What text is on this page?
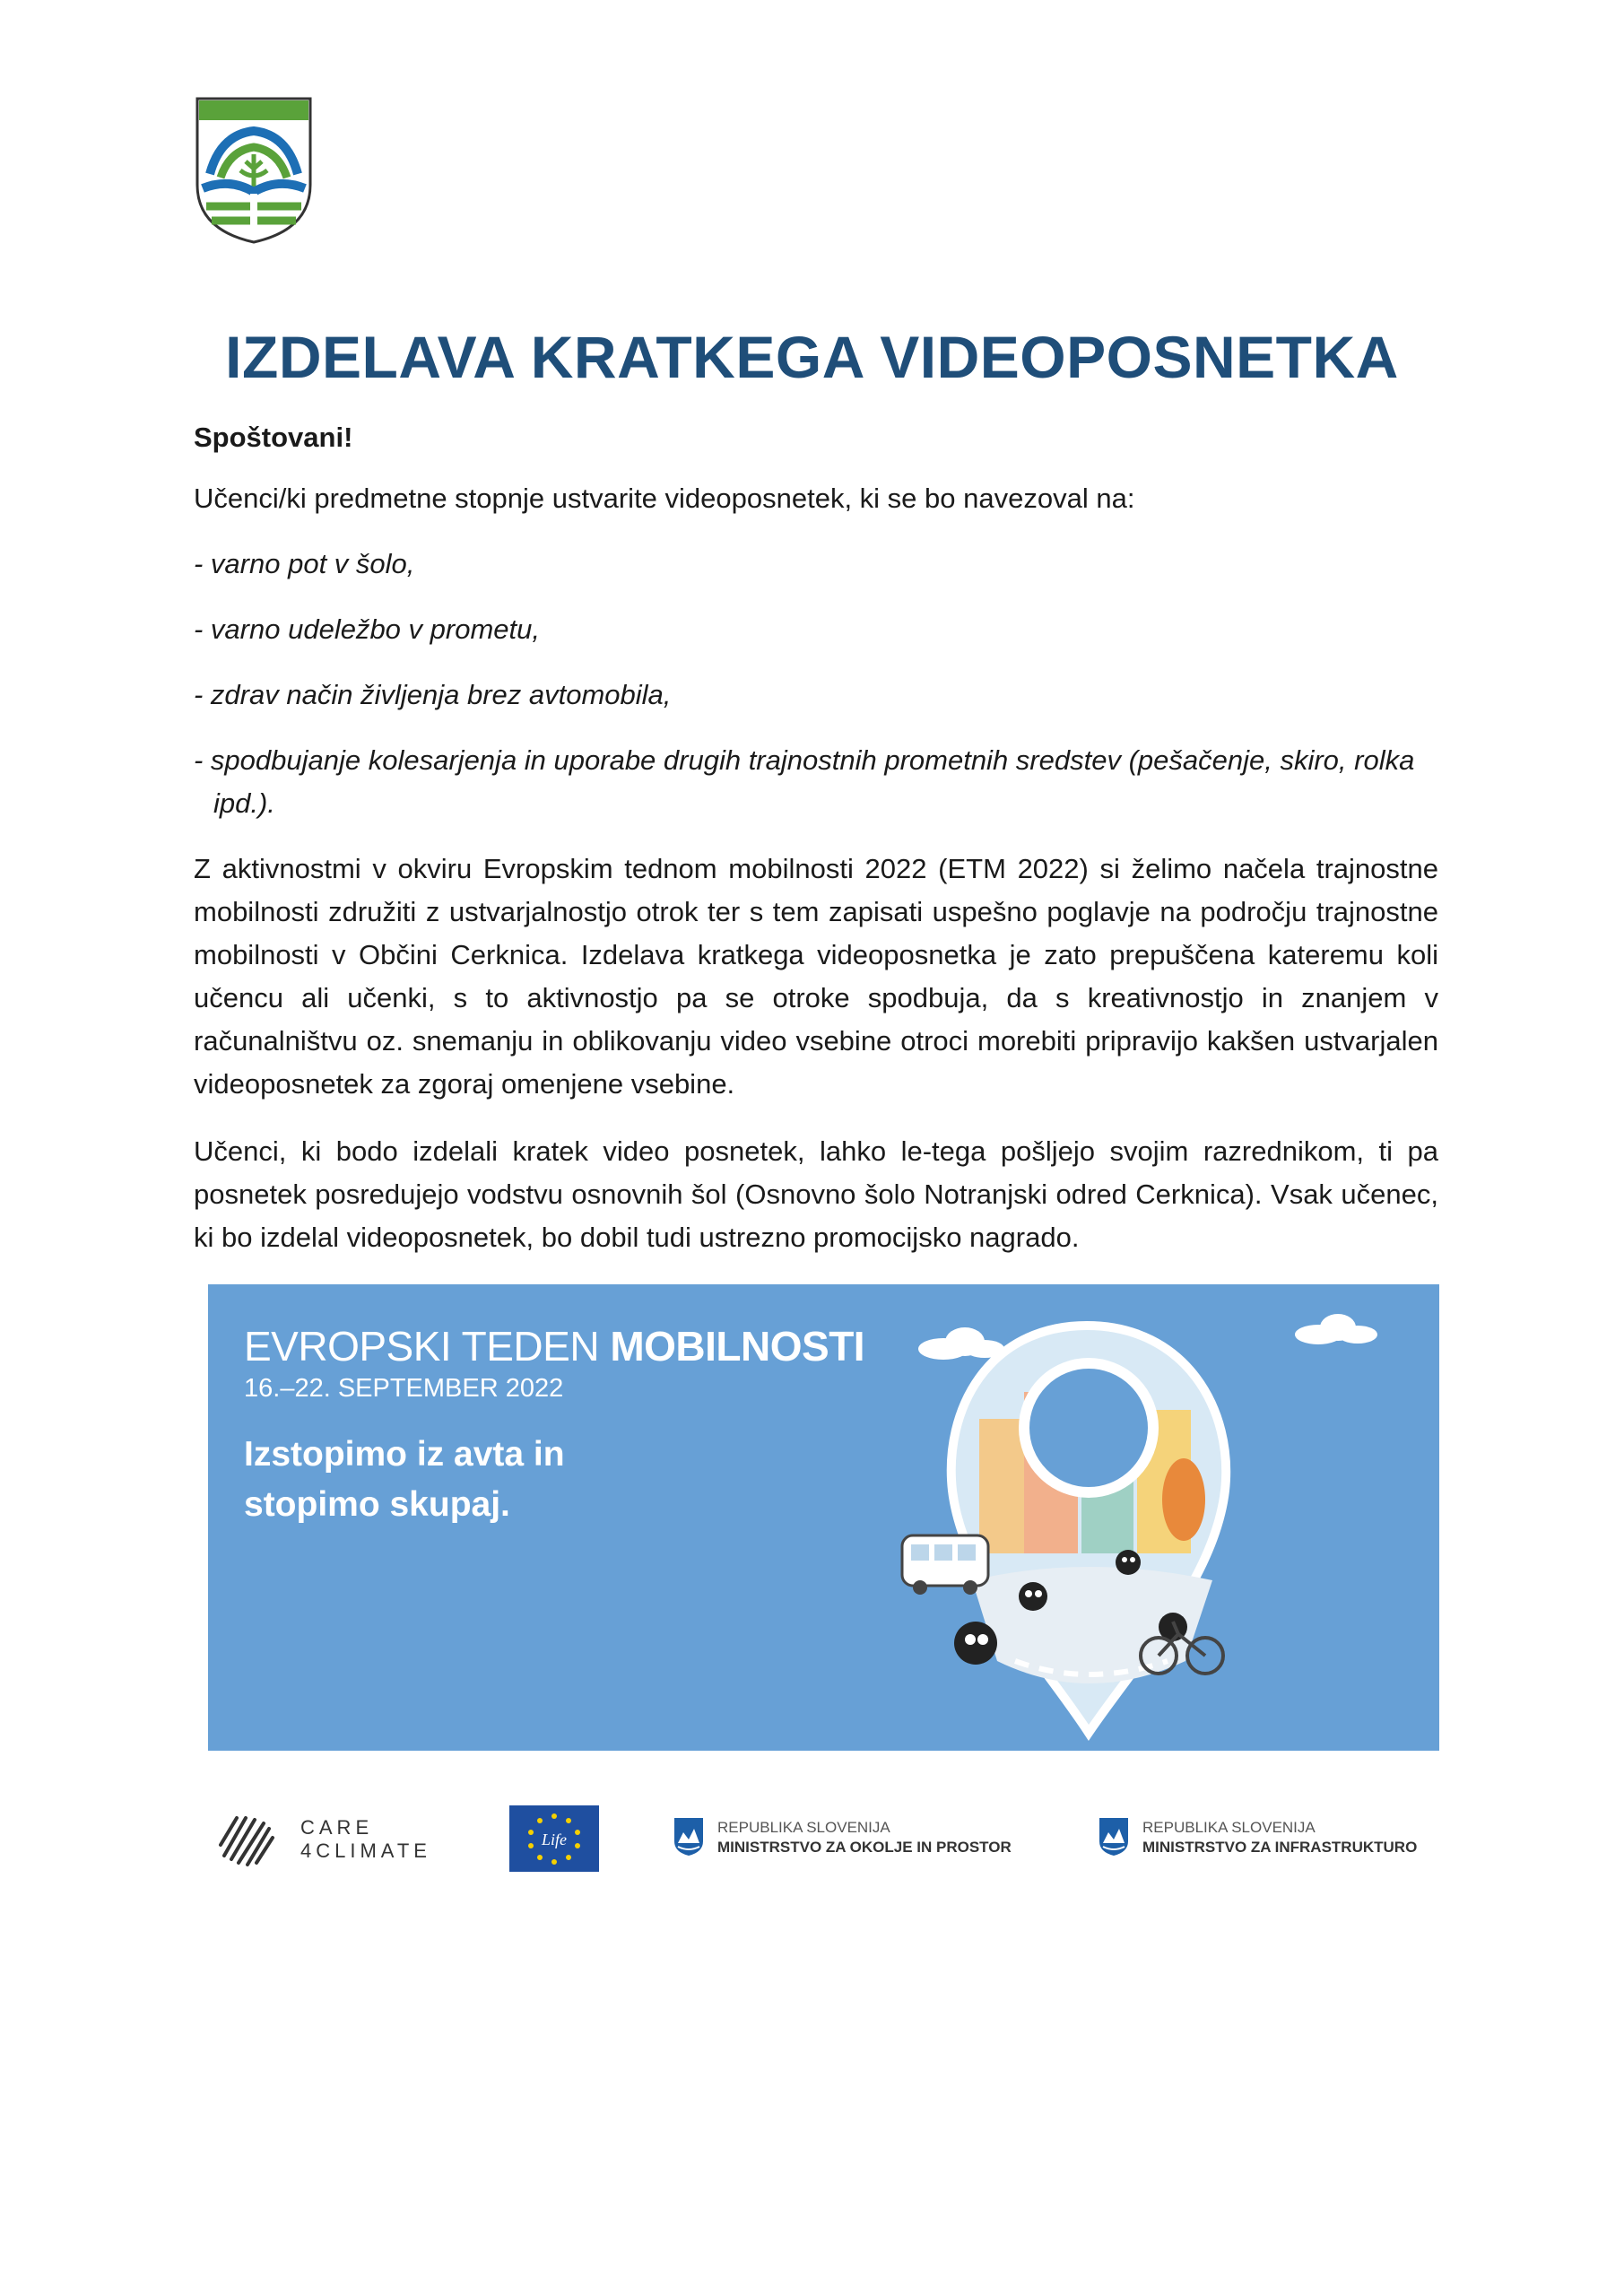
IZDELAVA KRATKEGA VIDEOPOSNETKA

Spoštovani!

Učenci/ki predmetne stopnje ustvarite videoposnetek, ki se bo navezoval na:

- varno pot v šolo,
- varno udeležbo v prometu,
- zdrav način življenja brez avtomobila,
- spodbujanje kolesarjenja in uporabe drugih trajnostnih prometnih sredstev (pešačenje, skiro, rolka ipd.).

Z aktivnostmi v okviru Evropskim tednom mobilnosti 2022 (ETM 2022) si želimo načela trajnostne mobilnosti združiti z ustvarjalnostjo otrok ter s tem zapisati uspešno poglavje na področju trajnostne mobilnosti v Občini Cerknica. Izdelava kratkega videoposnetka je zato prepuščena kateremu koli učencu ali učenki, s to aktivnostjo pa se otroke spodbuja, da s kreativnostjo in znanjem v računalništvu oz. snemanju in oblikovanju video vsebine otroci morebiti pripravijo kakšen ustvarjalen videoposnetek za zgoraj omenjene vsebine.

Učenci, ki bodo izdelali kratek video posnetek, lahko le-tega pošljejo svojim razrednikom, ti pa posnetek posredujejo vodstvu osnovnih šol (Osnovno šolo Notranjski odred Cerknica). Vsak učenec, ki bo izdelal videoposnetek, bo dobil tudi ustrezno promocijsko nagrado.

EVROPSKI TEDEN MOBILNOSTI
16.–22. SEPTEMBER 2022

Izstopimo iz avta in
stopimo skupaj.

CARE
4CLIMATE	Life
REPUBLIKA SLOVENIJA
MINISTRSTVO ZA OKOLJE IN PROSTOR
REPUBLIKA SLOVENIJA
MINISTRSTVO ZA INFRASTRUKTURO
